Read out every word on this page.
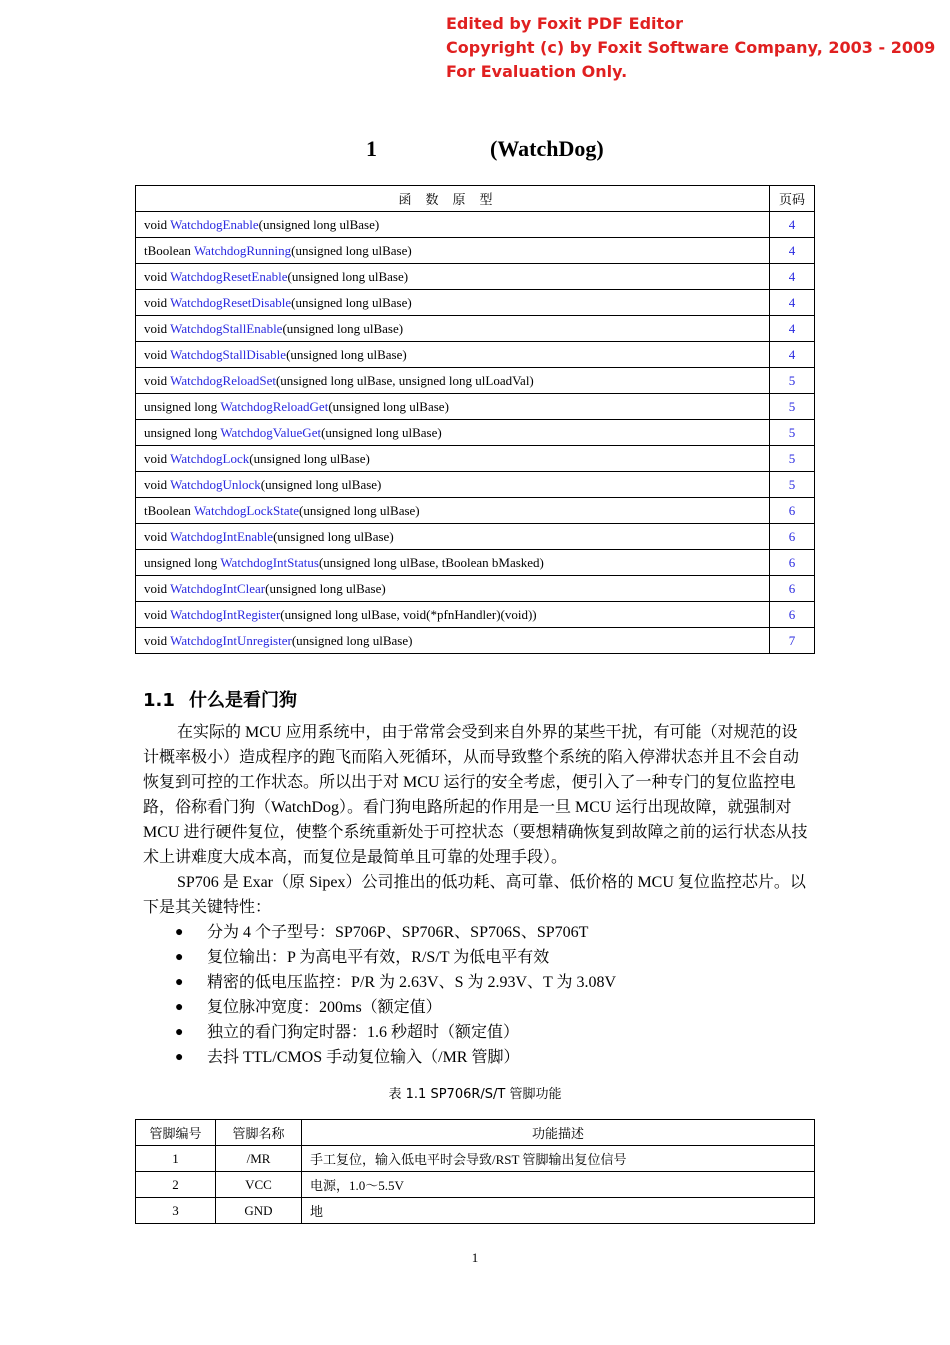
Edited by Foxit PDF Editor
Copyright (c) by Foxit Software Company, 2003 - 2009
For Evaluation Only.
1	(WatchDog)
函数原型	页码
void WatchdogEnable(unsigned long ulBase)	4
tBoolean WatchdogRunning(unsigned long ulBase)	4
void WatchdogResetEnable(unsigned long ulBase)	4
void WatchdogResetDisable(unsigned long ulBase)	4
void WatchdogStallEnable(unsigned long ulBase)	4
void WatchdogStallDisable(unsigned long ulBase)	4
void WatchdogReloadSet(unsigned long ulBase, unsigned long ulLoadVal)	5
unsigned long WatchdogReloadGet(unsigned long ulBase)	5
unsigned long WatchdogValueGet(unsigned long ulBase)	5
void WatchdogLock(unsigned long ulBase)	5
void WatchdogUnlock(unsigned long ulBase)	5
tBoolean WatchdogLockState(unsigned long ulBase)	6
void WatchdogIntEnable(unsigned long ulBase)	6
unsigned long WatchdogIntStatus(unsigned long ulBase, tBoolean bMasked)	6
void WatchdogIntClear(unsigned long ulBase)	6
void WatchdogIntRegister(unsigned long ulBase, void(*pfnHandler)(void))	6
void WatchdogIntUnregister(unsigned long ulBase)	7
1.1 什么是看门狗
在实际的 MCU 应用系统中，由于常常会受到来自外界的某些干扰，有可能（对规范的设计概率极小）造成程序的跑飞而陷入死循环，从而导致整个系统的陷入停滞状态并且不会自动恢复到可控的工作状态。所以出于对 MCU 运行的安全考虑，便引入了一种专门的复位监控电路，俗称看门狗（WatchDog）。看门狗电路所起的作用是一旦 MCU 运行出现故障，就强制对 MCU 进行硬件复位，使整个系统重新处于可控状态（要想精确恢复到故障之前的运行状态从技术上讲难度大成本高，而复位是最简单且可靠的处理手段）。
SP706 是 Exar（原 Sipex）公司推出的低功耗、高可靠、低价格的 MCU 复位监控芯片。以下是其关键特性：
● 分为 4 个子型号：SP706P、SP706R、SP706S、SP706T
● 复位输出：P 为高电平有效，R/S/T 为低电平有效
● 精密的低电压监控：P/R 为 2.63V、S 为 2.93V、T 为 3.08V
● 复位脉冲宽度：200ms（额定值）
● 独立的看门狗定时器：1.6 秒超时（额定值）
● 去抖 TTL/CMOS 手动复位输入（/MR 管脚）
表 1.1 SP706R/S/T 管脚功能
管脚编号	管脚名称	功能描述
1	/MR	手工复位，输入低电平时会导致/RST 管脚输出复位信号
2	VCC	电源，1.0～5.5V
3	GND	地
1
